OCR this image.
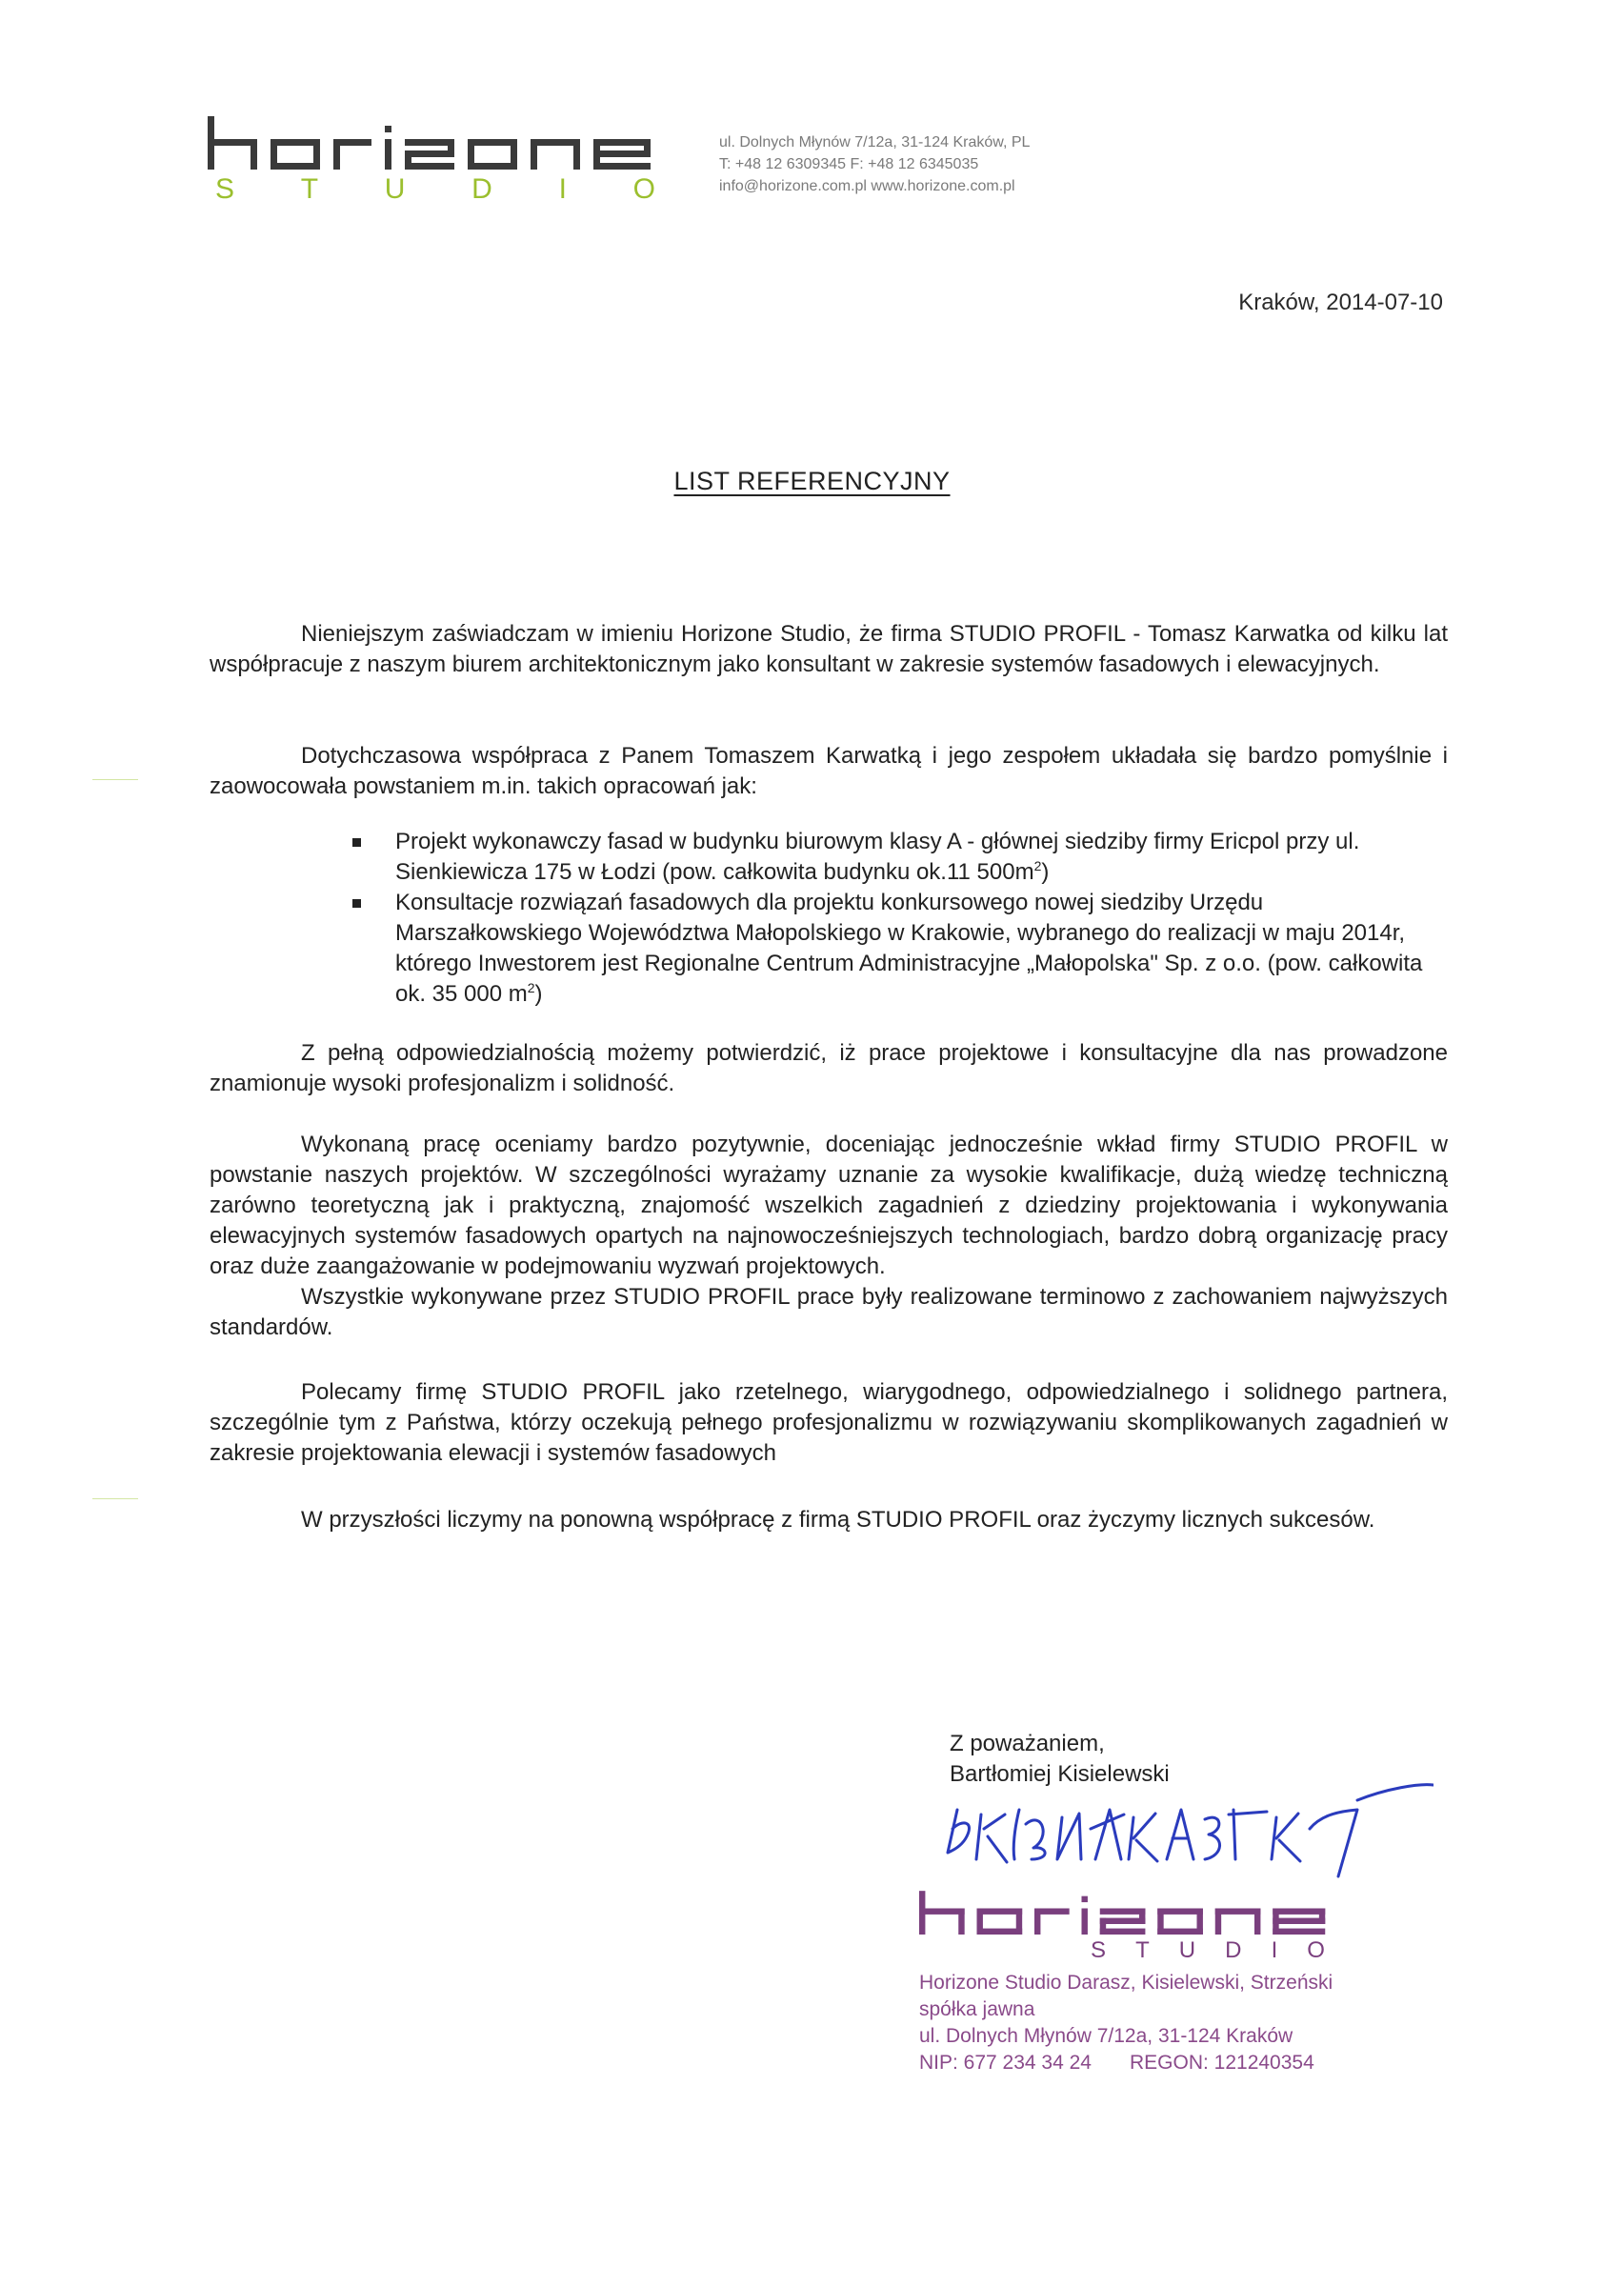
S T U D I O
ul. Dolnych Młynów 7/12a, 31-124 Kraków, PL
T: +48 12 6309345 F: +48 12 6345035
info@horizone.com.pl www.horizone.com.pl
Kraków, 2014-07-10
LIST REFERENCYJNY

Nieniejszym zaświadczam w imieniu Horizone Studio, że firma STUDIO PROFIL - Tomasz Karwatka od kilku lat współpracuje z naszym biurem architektonicznym jako konsultant w zakresie systemów fasadowych i elewacyjnych.

Dotychczasowa współpraca z Panem Tomaszem Karwatką i jego zespołem układała się bardzo pomyślnie i zaowocowała powstaniem m.in. takich opracowań jak:

Projekt wykonawczy fasad w budynku biurowym klasy A - głównej siedziby firmy Ericpol przy ul. Sienkiewicza 175 w Łodzi (pow. całkowita budynku ok.11 $500m^2$)
Konsultacje rozwiązań fasadowych dla projektu konkursowego nowej siedziby Urzędu Marszałkowskiego Województwa Małopolskiego w Krakowie, wybranego do realizacji w maju 2014r, którego Inwestorem jest Regionalne Centrum Administracyjne „Małopolska" Sp. z o.o. (pow. całkowita ok. 35 000 $m^2$)

Z pełną odpowiedzialnością możemy potwierdzić, iż prace projektowe i konsultacyjne dla nas prowadzone znamionuje wysoki profesjonalizm i solidność.

Wykonaną pracę oceniamy bardzo pozytywnie, doceniając jednocześnie wkład firmy STUDIO PROFIL w powstanie naszych projektów. W szczególności wyrażamy uznanie za wysokie kwalifikacje, dużą wiedzę techniczną zarówno teoretyczną jak i praktyczną, znajomość wszelkich zagadnień z dziedziny projektowania i wykonywania elewacyjnych systemów fasadowych opartych na najnowocześniejszych technologiach, bardzo dobrą organizację pracy oraz duże zaangażowanie w podejmowaniu wyzwań projektowych.

Wszystkie wykonywane przez STUDIO PROFIL prace były realizowane terminowo z zachowaniem najwyższych standardów.

Polecamy firmę STUDIO PROFIL jako rzetelnego, wiarygodnego, odpowiedzialnego i solidnego partnera, szczególnie tym z Państwa, którzy oczekują pełnego profesjonalizmu w rozwiązywaniu skomplikowanych zagadnień w zakresie projektowania elewacji i systemów fasadowych

W przyszłości liczymy na ponowną współpracę z firmą STUDIO PROFIL oraz życzymy licznych sukcesów.

Z poważaniem,
Bartłomiej Kisielewski
S T U D I O
Horizone Studio Darasz, Kisielewski, Strzeński
spółka jawna
ul. Dolnych Młynów 7/12a, 31-124 Kraków
NIP: 677 234 34 24 REGON: 121240354
